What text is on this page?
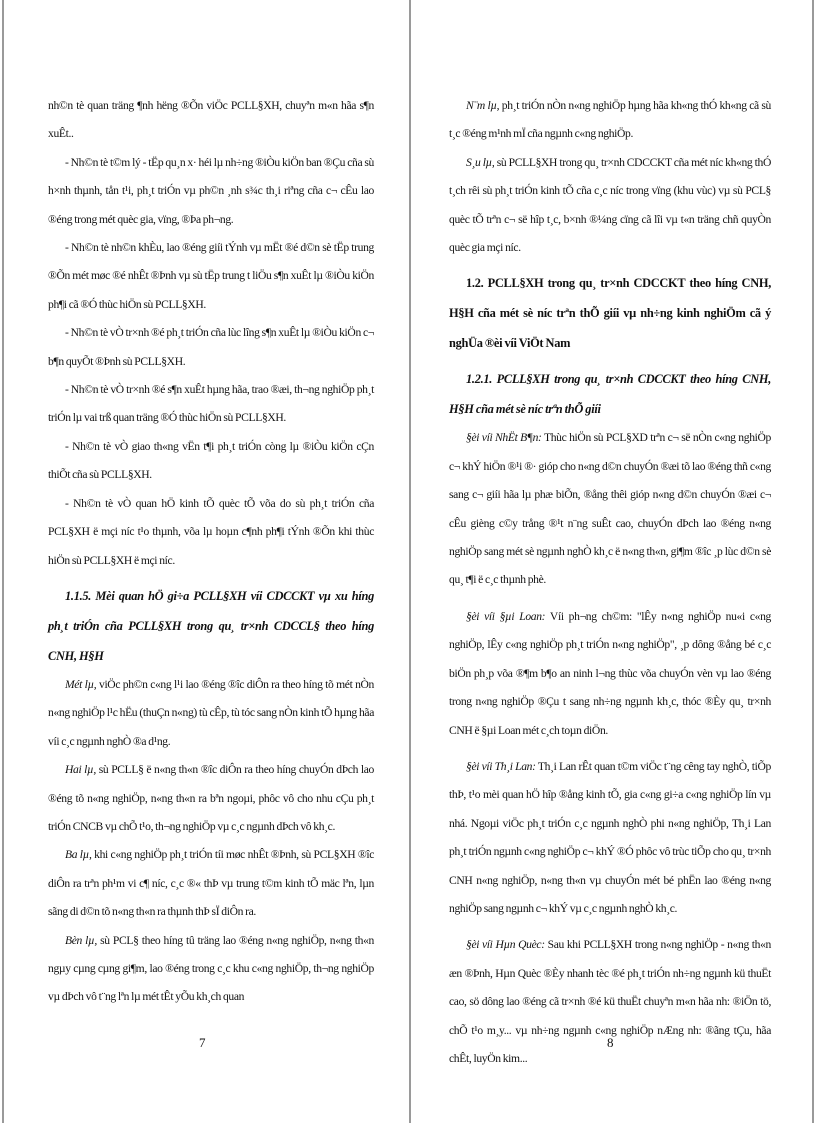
nh©n tè quan träng ¶nh hëng ®Õn viÖc PCLL§XH, chuyªn m«n hãa s¶n xuÊt..

- Nh©n tè t©m lý - tËp qu¸n x· héi lµ nh÷ng ®iÒu kiÖn ban ®Çu cña sù h×nh thµnh, tån t¹i, ph¸t triÓn vµ ph©n ¸nh s¾c th¸i riªng cña c¬ cÊu lao ®éng trong mét quèc gia, vïng, ®Þa ph¬ng.

- Nh©n tè nh©n khÈu, lao ®éng giíi tÝnh vµ mËt ®é d©n sè tËp trung ®Õn mét møc ®é nhÊt ®Þnh vµ sù tËp trung t liÖu s¶n xuÊt lµ ®iÒu kiÖn ph¶i cã ®Ó thùc hiÖn sù PCLL§XH.

- Nh©n tè vÒ tr×nh ®é ph¸t triÓn cña lùc lîng s¶n xuÊt lµ ®iÒu kiÖn c¬ b¶n quyÕt ®Þnh sù PCLL§XH.

- Nh©n tè vÒ tr×nh ®é s¶n xuÊt hµng hãa, trao ®æi, th¬ng nghiÖp ph¸t triÓn lµ vai trß quan träng ®Ó thùc hiÖn sù PCLL§XH.

- Nh©n tè vÒ giao th«ng vËn t¶i ph¸t triÓn còng lµ ®iÒu kiÖn cÇn thiÕt cña sù PCLL§XH.

- Nh©n tè vÒ quan hÖ kinh tÕ quèc tÕ võa do sù ph¸t triÓn cña PCL§XH ë mçi níc t¹o thµnh, võa lµ hoµn c¶nh ph¶i tÝnh ®Õn khi thùc hiÖn sù PCLL§XH ë mçi níc.

1.1.5. Mèi quan hÖ gi÷a PCLL§XH víi CDCCKT vµ xu híng ph¸t triÓn cña PCLL§XH trong qu¸ tr×nh CDCCL§ theo híng CNH, H§H

Mét lµ, viÖc ph©n c«ng l¹i lao ®éng ®îc diÔn ra theo híng tõ mét nÒn n«ng nghiÖp l¹c hËu (thuÇn n«ng) tù cÊp, tù tóc sang nÒn kinh tÕ hµng hãa víi c¸c ngµnh nghÒ ®a d¹ng.

Hai lµ, sù PCLL§ ë n«ng th«n ®îc diÔn ra theo híng chuyÓn dÞch lao ®éng tõ n«ng nghiÖp, n«ng th«n ra bªn ngoµi, phôc vô cho nhu cÇu ph¸t triÓn CNCB vµ chÕ t¹o, th¬ng nghiÖp vµ c¸c ngµnh dÞch vô kh¸c.

Ba lµ, khi c«ng nghiÖp ph¸t triÓn tíi møc nhÊt ®Þnh, sù PCL§XH ®îc diÔn ra trªn ph¹m vi c¶ níc, c¸c ®« thÞ vµ trung t©m kinh tÕ mäc lªn, lµn sãng di d©n tõ n«ng th«n ra thµnh thÞ sÏ diÔn ra.

Bèn lµ, sù PCL§ theo híng tû träng lao ®éng n«ng nghiÖp, n«ng th«n ngµy cµng cµng gi¶m, lao ®éng trong c¸c khu c«ng nghiÖp, th¬ng nghiÖp vµ dÞch vô t¨ng lªn lµ mét tÊt yÕu kh¸ch quan

N¨m lµ, ph¸t triÓn nÒn n«ng nghiÖp hµng hãa kh«ng thÓ kh«ng cã sù t¸c ®éng m¹nh mÏ cña ngµnh c«ng nghiÖp.

S¸u lµ, sù PCLL§XH trong qu¸ tr×nh CDCCKT cña mét níc kh«ng thÓ t¸ch rêi sù ph¸t triÓn kinh tÕ cña c¸c níc trong vïng (khu vùc) vµ sù PCL§ quèc tÕ trªn c¬ së hîp t¸c, b×nh ®¼ng cïng cã lîi vµ t«n träng chñ quyÒn quèc gia mçi níc.

1.2. PCLL§XH trong qu¸ tr×nh CDCCKT theo híng CNH, H§H cña mét sè níc trªn thÕ giíi vµ nh÷ng kinh nghiÖm cã ý nghÜa ®èi víi ViÖt Nam
1.2.1. PCLL§XH trong qu¸ tr×nh CDCCKT theo híng CNH, H§H cña mét sè níc trªn thÕ giíi

§èi víi NhËt B¶n: Thùc hiÖn sù PCL§XD trªn c¬ së nÒn c«ng nghiÖp c¬ khÝ hiÖn ®¹i ®· gióp cho n«ng d©n chuyÓn ®æi tõ lao ®éng thñ c«ng sang c¬ giíi hãa lµ phæ biÕn, ®ång thêi gióp n«ng d©n chuyÓn ®æi c¬ cÊu gièng c©y trång ®¹t n¨ng suÊt cao, chuyÓn dÞch lao ®éng n«ng nghiÖp sang mét sè ngµnh nghÒ kh¸c ë n«ng th«n, gi¶m ®îc ¸p lùc d©n sè qu¸ t¶i ë c¸c thµnh phè.

§èi víi §µi Loan: Víi ph¬ng ch©m: "lÊy n«ng nghiÖp nu«i c«ng nghiÖp, lÊy c«ng nghiÖp ph¸t triÓn n«ng nghiÖp", ¸p dông ®ång bé c¸c biÖn ph¸p võa ®¶m b¶o an ninh l¬ng thùc võa chuyÓn vèn vµ lao ®éng trong n«ng nghiÖp ®Çu t sang nh÷ng ngµnh kh¸c, thóc ®Èy qu¸ tr×nh CNH ë §µi Loan mét c¸ch toµn diÖn.

§èi víi Th¸i Lan: Th¸i Lan rÊt quan t©m viÖc t¨ng cêng tay nghÒ, tiÕp thÞ, t¹o mèi quan hÖ hîp ®ång kinh tÕ, gia c«ng gi÷a c«ng nghiÖp lín vµ nhá. Ngoµi viÖc ph¸t triÓn c¸c ngµnh nghÒ phi n«ng nghiÖp, Th¸i Lan ph¸t triÓn ngµnh c«ng nghiÖp c¬ khÝ ®Ó phôc vô trùc tiÕp cho qu¸ tr×nh CNH n«ng nghiÖp, n«ng th«n vµ chuyÓn mét bé phËn lao ®éng n«ng nghiÖp sang ngµnh c¬ khÝ vµ c¸c ngµnh nghÒ kh¸c.

§èi víi Hµn Quèc: Sau khi PCLL§XH trong n«ng nghiÖp - n«ng th«n æn ®Þnh, Hµn Quèc ®Èy nhanh tèc ®é ph¸t triÓn nh÷ng ngµnh kü thuËt cao, sö dông lao ®éng cã tr×nh ®é kü thuËt chuyªn m«n hãa nh: ®iÖn tö, chÕ t¹o m¸y... vµ nh÷ng ngµnh c«ng nghiÖp nÆng nh: ®ãng tÇu, hãa chÊt, luyÖn kim...

7	8
